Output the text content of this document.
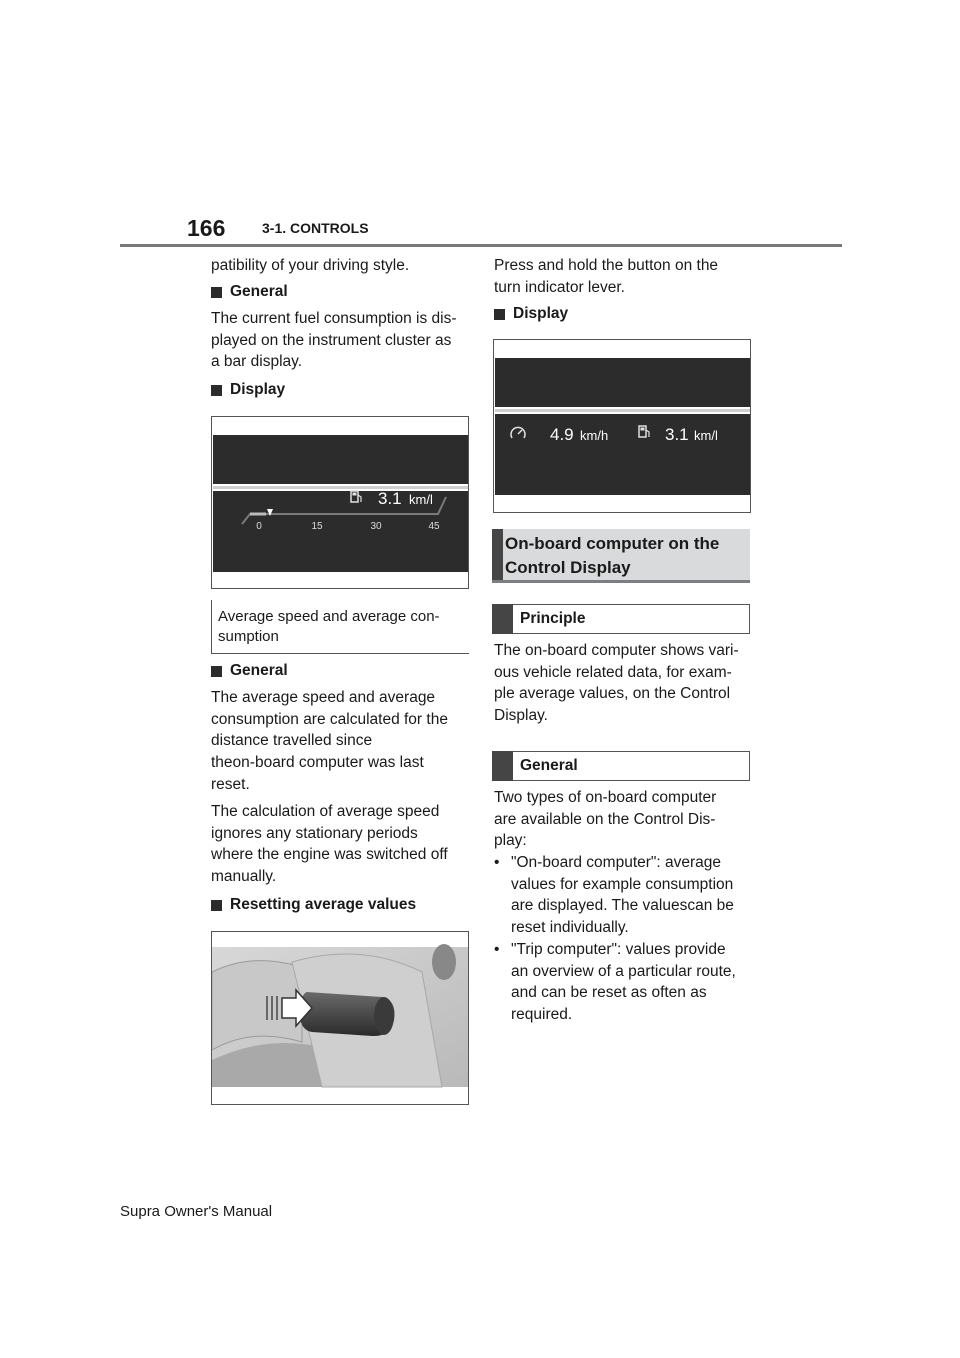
166	3-1. CONTROLS
patibility of your driving style.
General
The current fuel consumption is dis-
played on the instrument cluster as
a bar display.
Display
0	15	30	45
3.1 km/l
Average speed and average con-
sumption
General
The average speed and average
consumption are calculated for the
distance travelled since
theon-board computer was last
reset.
The calculation of average speed
ignores any stationary periods
where the engine was switched off
manually.
Resetting average values
Press and hold the button on the
turn indicator lever.
Display
4.9 km/h	3.1 km/l
On-board computer on the
Control Display
Principle
The on-board computer shows vari-
ous vehicle related data, for exam-
ple average values, on the Control
Display.
General
Two types of on-board computer
are available on the Control Dis-
play:
• "On-board computer": average
values for example consumption
are displayed. The valuescan be
reset individually.
• "Trip computer": values provide
an overview of a particular route,
and can be reset as often as
required.
Supra Owner's Manual
